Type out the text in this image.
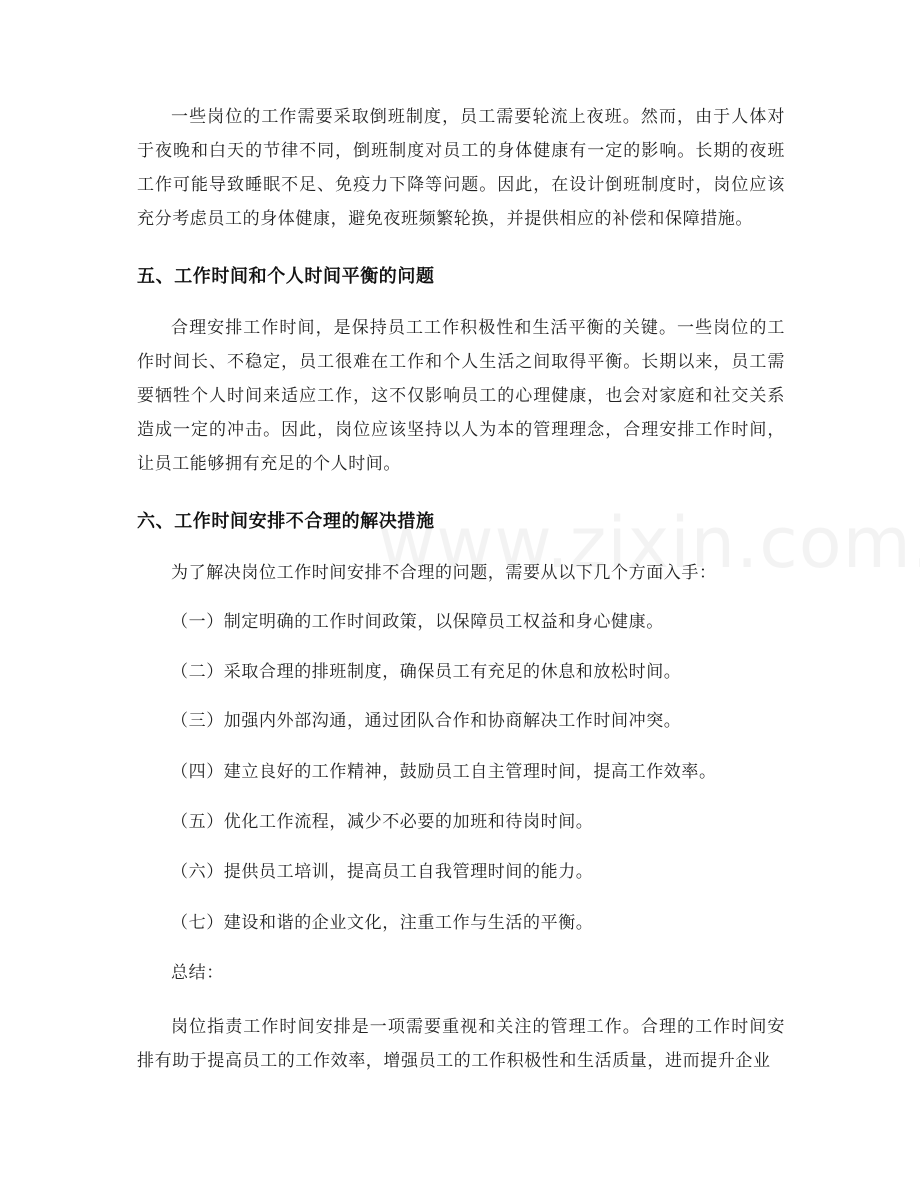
一些岗位的工作需要采取倒班制度，员工需要轮流上夜班。然而，由于人体对于夜晚和白天的节律不同，倒班制度对员工的身体健康有一定的影响。长期的夜班工作可能导致睡眠不足、免疫力下降等问题。因此，在设计倒班制度时，岗位应该充分考虑员工的身体健康，避免夜班频繁轮换，并提供相应的补偿和保障措施。

五、工作时间和个人时间平衡的问题

合理安排工作时间，是保持员工工作积极性和生活平衡的关键。一些岗位的工作时间长、不稳定，员工很难在工作和个人生活之间取得平衡。长期以来，员工需要牺牲个人时间来适应工作，这不仅影响员工的心理健康，也会对家庭和社交关系造成一定的冲击。因此，岗位应该坚持以人为本的管理理念，合理安排工作时间，让员工能够拥有充足的个人时间。

六、工作时间安排不合理的解决措施

为了解决岗位工作时间安排不合理的问题，需要从以下几个方面入手：

（一）制定明确的工作时间政策，以保障员工权益和身心健康。

（二）采取合理的排班制度，确保员工有充足的休息和放松时间。

（三）加强内外部沟通，通过团队合作和协商解决工作时间冲突。

（四）建立良好的工作精神，鼓励员工自主管理时间，提高工作效率。

（五）优化工作流程，减少不必要的加班和待岗时间。

（六）提供员工培训，提高员工自我管理时间的能力。

（七）建设和谐的企业文化，注重工作与生活的平衡。

总结：

岗位指责工作时间安排是一项需要重视和关注的管理工作。合理的工作时间安排有助于提高员工的工作效率，增强员工的工作积极性和生活质量，进而提升企业
